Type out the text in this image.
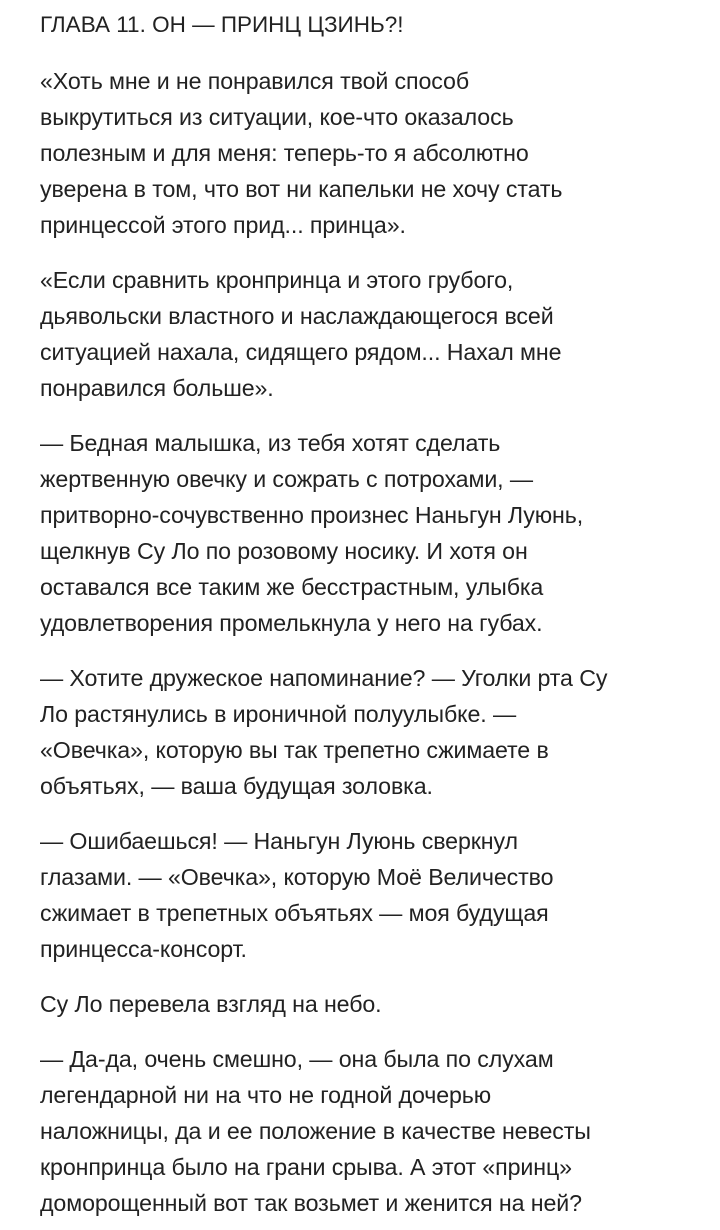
ГЛАВА 11. ОН — ПРИНЦ ЦЗИНЬ?!

«Хоть мне и не понравился твой способ
выкрутиться из ситуации, кое-что оказалось
полезным и для меня: теперь-то я абсолютно
уверена в том, что вот ни капельки не хочу стать
принцессой этого прид... принца».

«Если сравнить кронпринца и этого грубого,
дьявольски властного и наслаждающегося всей
ситуацией нахала, сидящего рядом... Нахал мне
понравился больше».

— Бедная малышка, из тебя хотят сделать
жертвенную овечку и сожрать с потрохами, —
притворно-сочувственно произнес Наньгун Луюнь,
щелкнув Су Ло по розовому носику. И хотя он
оставался все таким же бесстрастным, улыбка
удовлетворения промелькнула у него на губах.

— Хотите дружеское напоминание? — Уголки рта Су
Ло растянулись в ироничной полуулыбке. —
«Овечка», которую вы так трепетно сжимаете в
объятьях, — ваша будущая золовка.

— Ошибаешься! — Наньгун Луюнь сверкнул
глазами. — «Овечка», которую Моё Величество
сжимает в трепетных объятьях — моя будущая
принцесса-консорт.

Су Ло перевела взгляд на небо.

— Да-да, очень смешно, — она была по слухам
легендарной ни на что не годной дочерью
наложницы, да и ее положение в качестве невесты
кронпринца было на грани срыва. А этот «принц»
доморощенный вот так возьмет и женится на ней?
